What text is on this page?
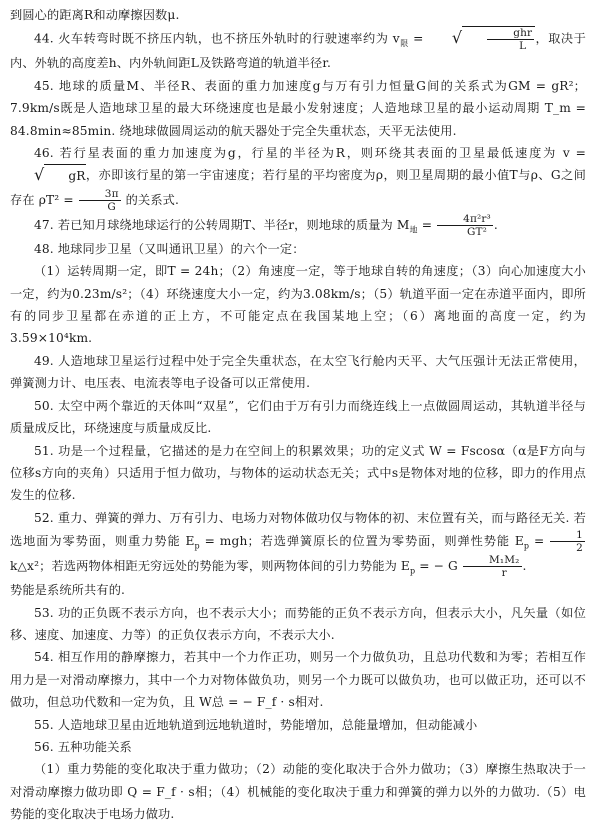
到圆心的距离R和动摩擦因数μ.

44. 火车转弯时既不挤压内轨，也不挤压外轨时的行驶速率约为 $v_限$ = √ $\frac{\text{ghr}}{L}$ ，取决于内、外轨的高度差h、内外轨间距L及铁路弯道的轨道半径r.

45. 地球的质量M、半径R、表面的重力加速度g与万有引力恒量G间的关系式为GM = gR²；7.9km/s既是人造地球卫星的最大环绕速度也是最小发射速度；人造地球卫星的最小运动周期 T_m = 84.8min≈85min. 绕地球做圆周运动的航天器处于完全失重状态，天平无法使用.

46. 若行星表面的重力加速度为g，行星的半径为R，则环绕其表面的卫星最低速度为 v = √ gR，亦即该行星的第一宇宙速度；若行星的平均密度为ρ，则卫星周期的最小值T与ρ、G之间存在 $\rho T^2 = \frac{3\pi}{G}$ 的关系式.

47. 若已知月球绕地球运行的公转周期T、半径r，则地球的质量为 $M_地 = \frac{\text{4π²r³}}{\text{GT²}}$ .

48. 地球同步卫星（又叫通讯卫星）的六个一定：

（1）运转周期一定，即T = 24h；（2）角速度一定，等于地球自转的角速度；（3）向心加速度大小一定，约为0.23m/s²；（4）环绕速度大小一定，约为3.08km/s；（5）轨道平面一定在赤道平面内，即所有的同步卫星都在赤道的正上方，不可能定点在我国某地上空；（6）离地面的高度一定，约为3.59×10⁴km.

49. 人造地球卫星运行过程中处于完全失重状态，在太空飞行舱内天平、大气压强计无法正常使用，弹簧测力计、电压表、电流表等电子设备可以正常使用.

50. 太空中两个靠近的天体叫“双星”，它们由于万有引力而绕连线上一点做圆周运动，其轨道半径与质量成反比，环绕速度与质量成反比.

51. 功是一个过程量，它描述的是力在空间上的积累效果；功的定义式 W = Fscosα（α是F方向与位移s方向的夹角）只适用于恒力做功，与物体的运动状态无关；式中s是物体对地的位移，即力的作用点发生的位移.

52. 重力、弹簧的弹力、万有引力、电场力对物体做功仅与物体的初、末位置有关，而与路径无关. 若选地面为零势面，则重力势能 $E_p$ = mgh；若选弹簧原长的位置为零势面，则弹性势能 $E_p = \frac{1}{2}$
k△x²；若选两物体相距无穷远处的势能为零，则两物体间的引力势能为 $E_p$ = − G $\frac{\text{M₁M₂}}{r}$ .

势能是系统所共有的.

53. 功的正负既不表示方向，也不表示大小；而势能的正负不表示方向，但表示大小，凡矢量（如位移、速度、加速度、力等）的正负仅表示方向，不表示大小.

54. 相互作用的静摩擦力，若其中一个力作正功，则另一个力做负功，且总功代数和为零；若相互作用力是一对滑动摩擦力，其中一个力对物体做负功，则另一个力既可以做负功，也可以做正功，还可以不做功，但总功代数和一定为负，且 W总 = − F_f · s相对.

55. 人造地球卫星由近地轨道到远地轨道时，势能增加，总能量增加，但动能减小

56. 五种功能关系

（1）重力势能的变化取决于重力做功；（2）动能的变化取决于合外力做功；（3）摩擦生热取决于一对滑动摩擦力做功即 Q = F_f · s相；（4）机械能的变化取决于重力和弹簧的弹力以外的力做功.（5）电势能的变化取决于电场力做功.
